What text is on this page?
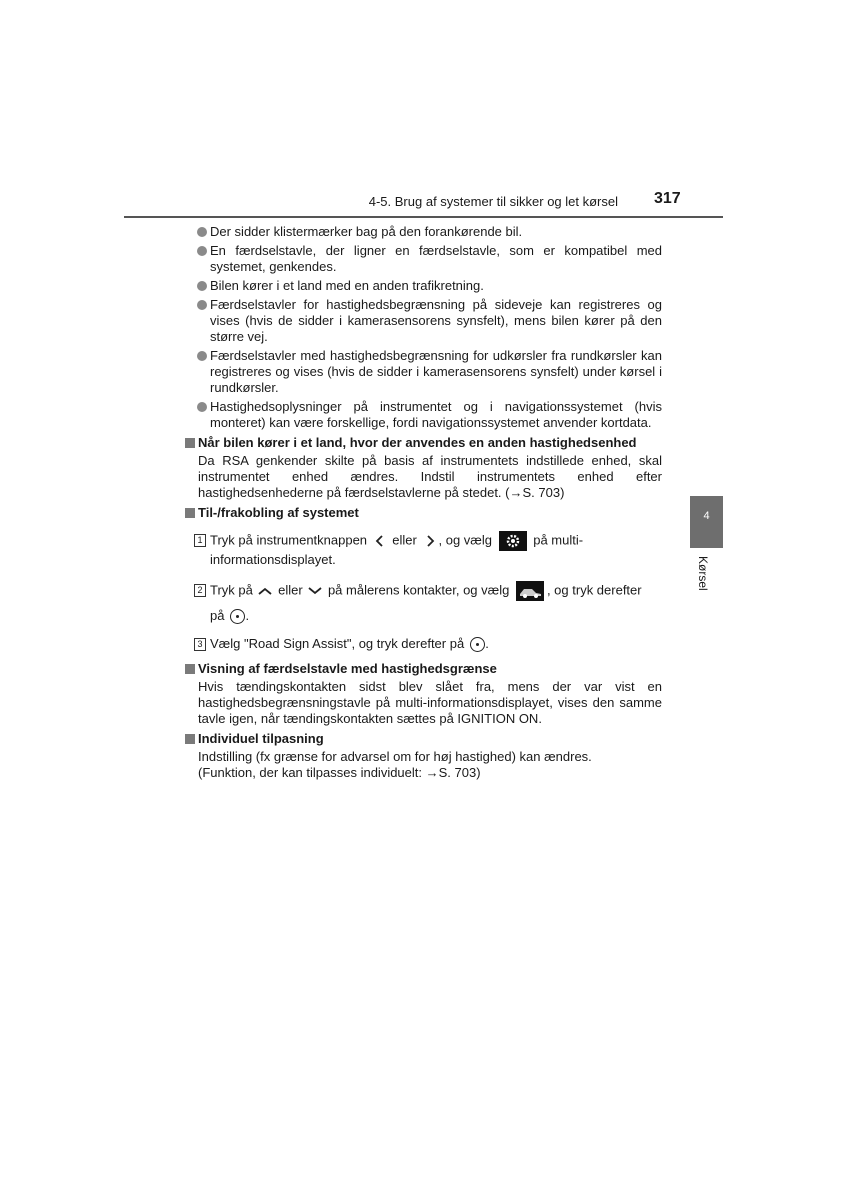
4-5. Brug af systemer til sikker og let kørsel 317
4
Kørsel
Der sidder klistermærker bag på den forankørende bil.
En færdselstavle, der ligner en færdselstavle, som er kompatibel med systemet, genkendes.
Bilen kører i et land med en anden trafikretning.
Færdselstavler for hastighedsbegrænsning på sideveje kan registreres og vises (hvis de sidder i kamerasensorens synsfelt), mens bilen kører på den større vej.
Færdselstavler med hastighedsbegrænsning for udkørsler fra rundkørsler kan registreres og vises (hvis de sidder i kamerasensorens synsfelt) under kørsel i rundkørsler.
Hastighedsoplysninger på instrumentet og i navigationssystemet (hvis monteret) kan være forskellige, fordi navigationssystemet anvender kortdata.
Når bilen kører i et land, hvor der anvendes en anden hastighedsenhed
Da RSA genkender skilte på basis af instrumentets indstillede enhed, skal instrumentet enhed ændres. Indstil instrumentets enhed efter hastighedsenhederne på færdselstavlerne på stedet. (→S. 703)
Til-/frakobling af systemet
1 Tryk på instrumentknappen eller , og vælg	på multi-informationsdisplayet.
2 Tryk på eller på målerens kontakter, og vælg	, og tryk derefter
på .
3 Vælg "Road Sign Assist", og tryk derefter på .
Visning af færdselstavle med hastighedsgrænse
Hvis tændingskontakten sidst blev slået fra, mens der var vist en hastighedsbegrænsningstavle på multi-informationsdisplayet, vises den samme tavle igen, når tændingskontakten sættes på IGNITION ON.
Individuel tilpasning
Indstilling (fx grænse for advarsel om for høj hastighed) kan ændres.
(Funktion, der kan tilpasses individuelt: →S. 703)
